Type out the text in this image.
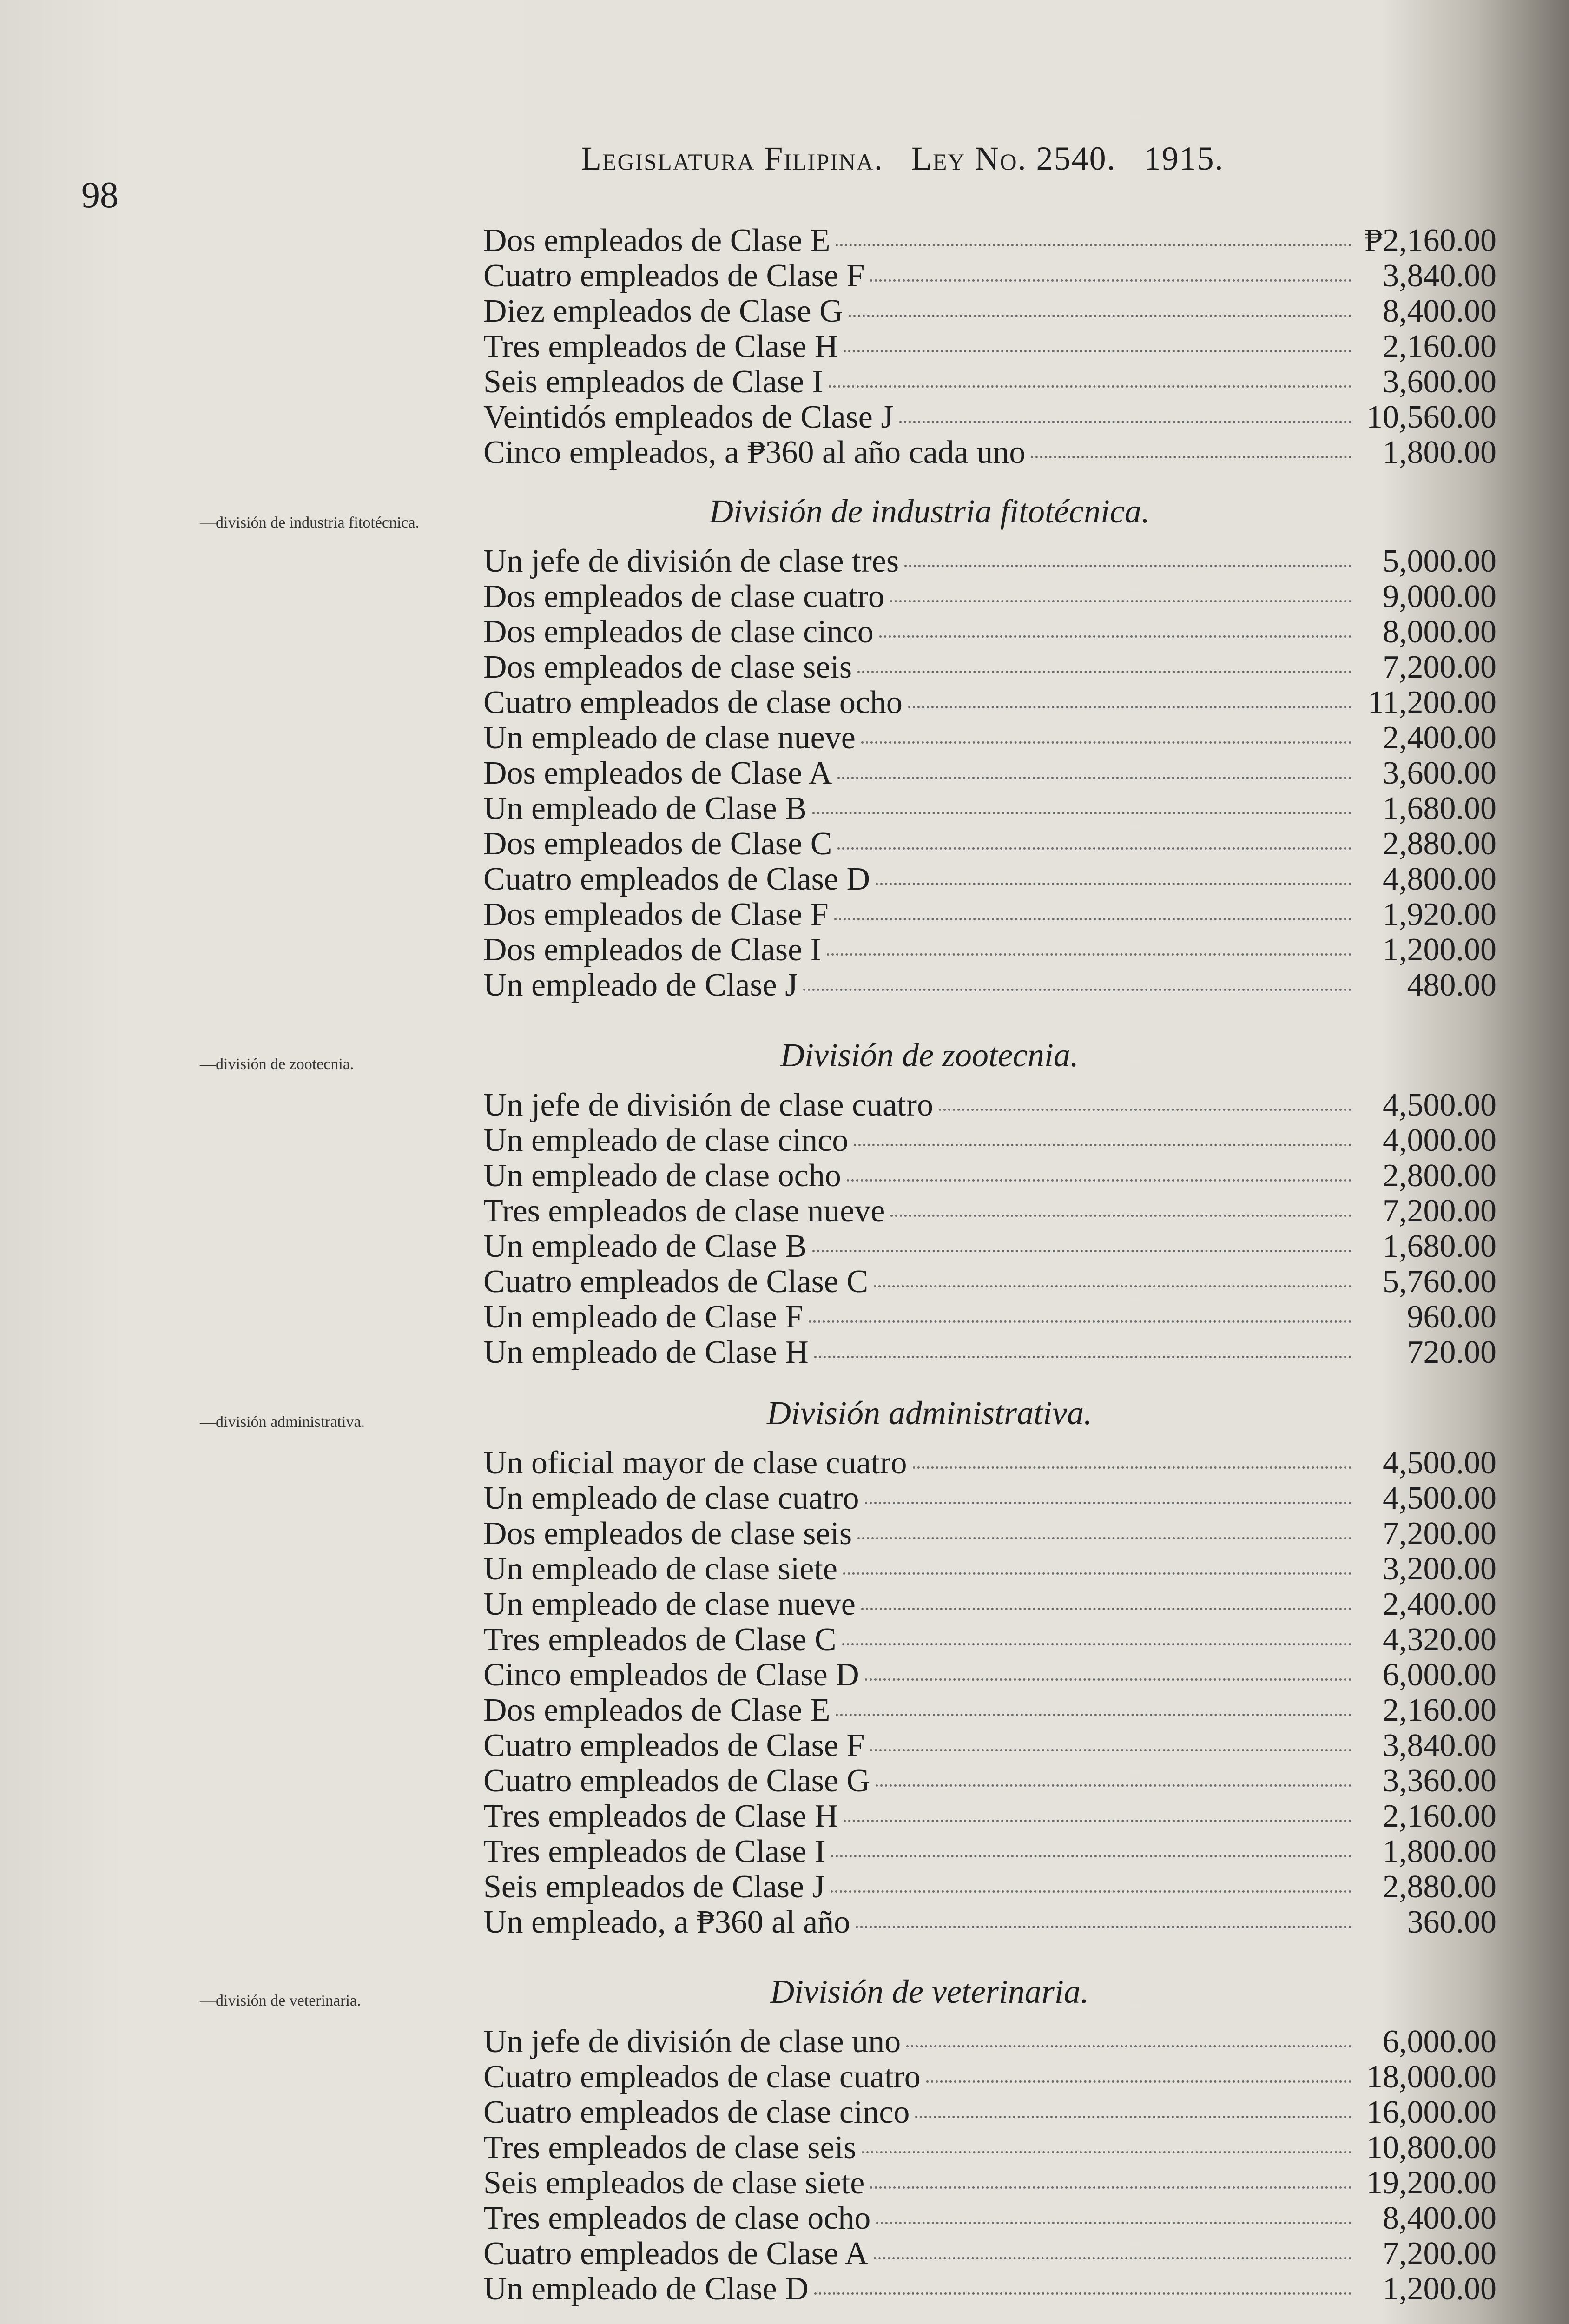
98
Legislatura Filipina. Ley No. 2540. 1915.
Dos empleados de Clase E	₱2,160.00
Cuatro empleados de Clase F	3,840.00
Diez empleados de Clase G	8,400.00
Tres empleados de Clase H	2,160.00
Seis empleados de Clase I	3,600.00
Veintidós empleados de Clase J	10,560.00
Cinco empleados, a ₱360 al año cada uno	1,800.00
—división de industria fitotécnica.	División de industria fitotécnica.
Un jefe de división de clase tres	5,000.00
Dos empleados de clase cuatro	9,000.00
Dos empleados de clase cinco	8,000.00
Dos empleados de clase seis	7,200.00
Cuatro empleados de clase ocho	11,200.00
Un empleado de clase nueve	2,400.00
Dos empleados de Clase A	3,600.00
Un empleado de Clase B	1,680.00
Dos empleados de Clase C	2,880.00
Cuatro empleados de Clase D	4,800.00
Dos empleados de Clase F	1,920.00
Dos empleados de Clase I	1,200.00
Un empleado de Clase J	480.00
—división de zootecnia.	División de zootecnia.
Un jefe de división de clase cuatro	4,500.00
Un empleado de clase cinco	4,000.00
Un empleado de clase ocho	2,800.00
Tres empleados de clase nueve	7,200.00
Un empleado de Clase B	1,680.00
Cuatro empleados de Clase C	5,760.00
Un empleado de Clase F	960.00
Un empleado de Clase H	720.00
—división administrativa.	División administrativa.
Un oficial mayor de clase cuatro	4,500.00
Un empleado de clase cuatro	4,500.00
Dos empleados de clase seis	7,200.00
Un empleado de clase siete	3,200.00
Un empleado de clase nueve	2,400.00
Tres empleados de Clase C	4,320.00
Cinco empleados de Clase D	6,000.00
Dos empleados de Clase E	2,160.00
Cuatro empleados de Clase F	3,840.00
Cuatro empleados de Clase G	3,360.00
Tres empleados de Clase H	2,160.00
Tres empleados de Clase I	1,800.00
Seis empleados de Clase J	2,880.00
Un empleado, a ₱360 al año	360.00
—división de veterinaria.	División de veterinaria.
Un jefe de división de clase uno	6,000.00
Cuatro empleados de clase cuatro	18,000.00
Cuatro empleados de clase cinco	16,000.00
Tres empleados de clase seis	10,800.00
Seis empleados de clase siete	19,200.00
Tres empleados de clase ocho	8,400.00
Cuatro empleados de Clase A	7,200.00
Un empleado de Clase D	1,200.00
